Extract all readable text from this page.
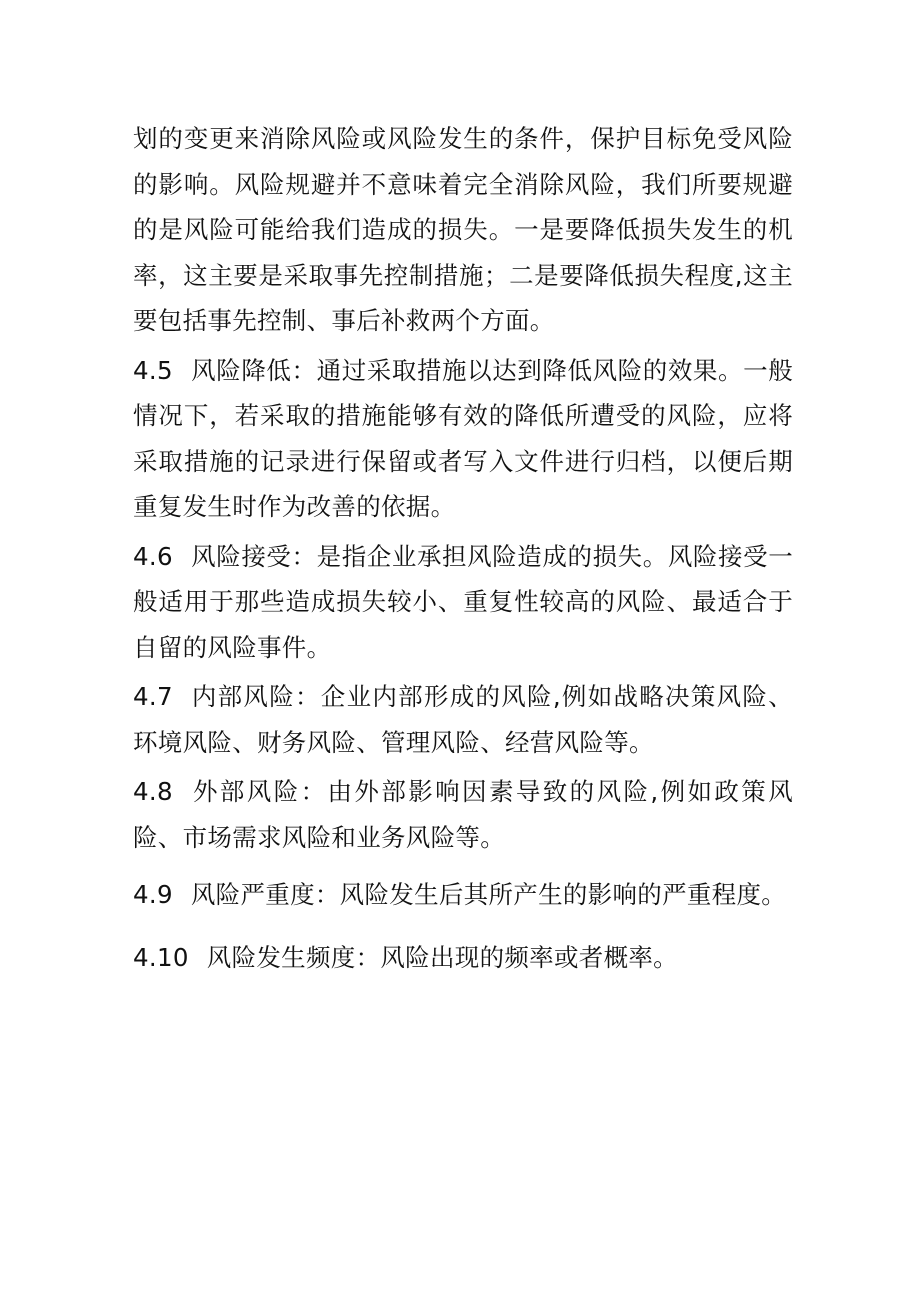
划的变更来消除风险或风险发生的条件，保护目标免受风险的影响。风险规避并不意味着完全消除风险，我们所要规避的是风险可能给我们造成的损失。一是要降低损失发生的机率，这主要是采取事先控制措施；二是要降低损失程度,这主要包括事先控制、事后补救两个方面。

4.5 风险降低：通过采取措施以达到降低风险的效果。一般情况下，若采取的措施能够有效的降低所遭受的风险，应将采取措施的记录进行保留或者写入文件进行归档，以便后期重复发生时作为改善的依据。

4.6 风险接受：是指企业承担风险造成的损失。风险接受一般适用于那些造成损失较小、重复性较高的风险、最适合于自留的风险事件。

4.7 内部风险：企业内部形成的风险,例如战略决策风险、环境风险、财务风险、管理风险、经营风险等。

4.8 外部风险：由外部影响因素导致的风险,例如政策风险、市场需求风险和业务风险等。

4.9 风险严重度：风险发生后其所产生的影响的严重程度。

4.10 风险发生频度：风险出现的频率或者概率。
